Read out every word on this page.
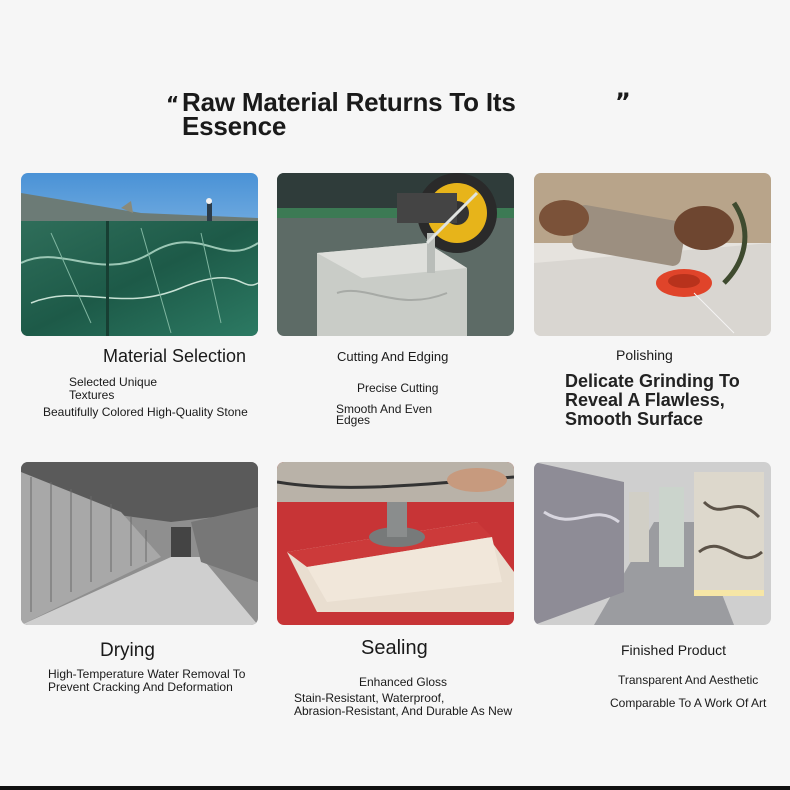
“ Raw Material Returns To Its
Essence
”
Material Selection
Selected Unique
Textures
Beautifully Colored High-Quality Stone
Cutting And Edging
Precise Cutting
Smooth And Even
Edges
Polishing
Delicate Grinding To
Reveal A Flawless,
Smooth Surface
Drying
High-Temperature Water Removal To
Prevent Cracking And Deformation
Sealing
Enhanced Gloss
Stain-Resistant, Waterproof,
Abrasion-Resistant, And Durable As New
Finished Product
Transparent And Aesthetic
Comparable To A Work Of Art
